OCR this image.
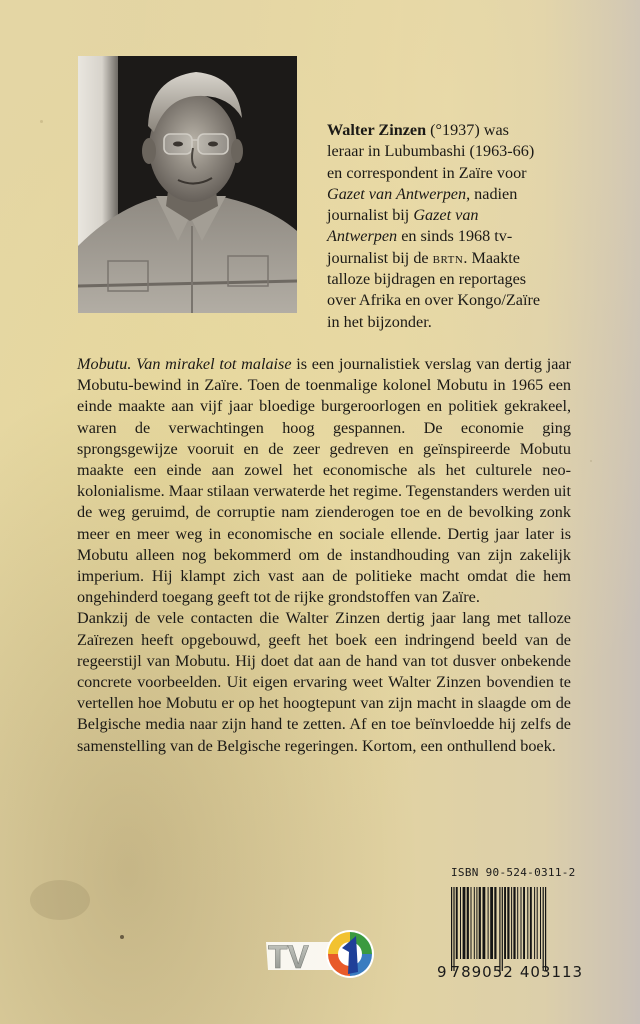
Walter Zinzen (°1937) was
leraar in Lubumbashi (1963-66)
en correspondent in Zaïre voor
Gazet van Antwerpen, nadien
journalist bij Gazet van
Antwerpen en sinds 1968 tv-
journalist bij de brtn. Maakte
talloze bijdragen en reportages
over Afrika en over Kongo/Zaïre
in het bijzonder.

Mobutu. Van mirakel tot malaise is een journalistiek verslag van dertig jaar Mobutu-bewind in Zaïre. Toen de toenmalige kolonel Mobutu in 1965 een einde maakte aan vijf jaar bloedige burgeroorlogen en politiek gekrakeel, waren de verwachtingen hoog gespannen. De economie ging sprongsgewijze vooruit en de zeer gedreven en geïnspireerde Mobutu maakte een einde aan zowel het economische als het culturele neo-kolonialisme. Maar stilaan verwaterde het regime. Tegenstanders werden uit de weg geruimd, de corruptie nam zienderogen toe en de bevolking zonk meer en meer weg in economische en sociale ellende. Dertig jaar later is Mobutu alleen nog bekommerd om de instandhouding van zijn zakelijk imperium. Hij klampt zich vast aan de politieke macht omdat die hem ongehinderd toegang geeft tot de rijke grondstoffen van Zaïre.

Dankzij de vele contacten die Walter Zinzen dertig jaar lang met talloze Zaïrezen heeft opgebouwd, geeft het boek een indringend beeld van de regeerstijl van Mobutu. Hij doet dat aan de hand van tot dusver onbekende concrete voorbeelden. Uit eigen ervaring weet Walter Zinzen bovendien te vertellen hoe Mobutu er op het hoogtepunt van zijn macht in slaagde om de Belgische media naar zijn hand te zetten. Af en toe beïnvloedde hij zelfs de samenstelling van de Belgische regeringen. Kortom, een onthullend boek.

ISBN 90-524-0311-2
9 789052 403113
TV
